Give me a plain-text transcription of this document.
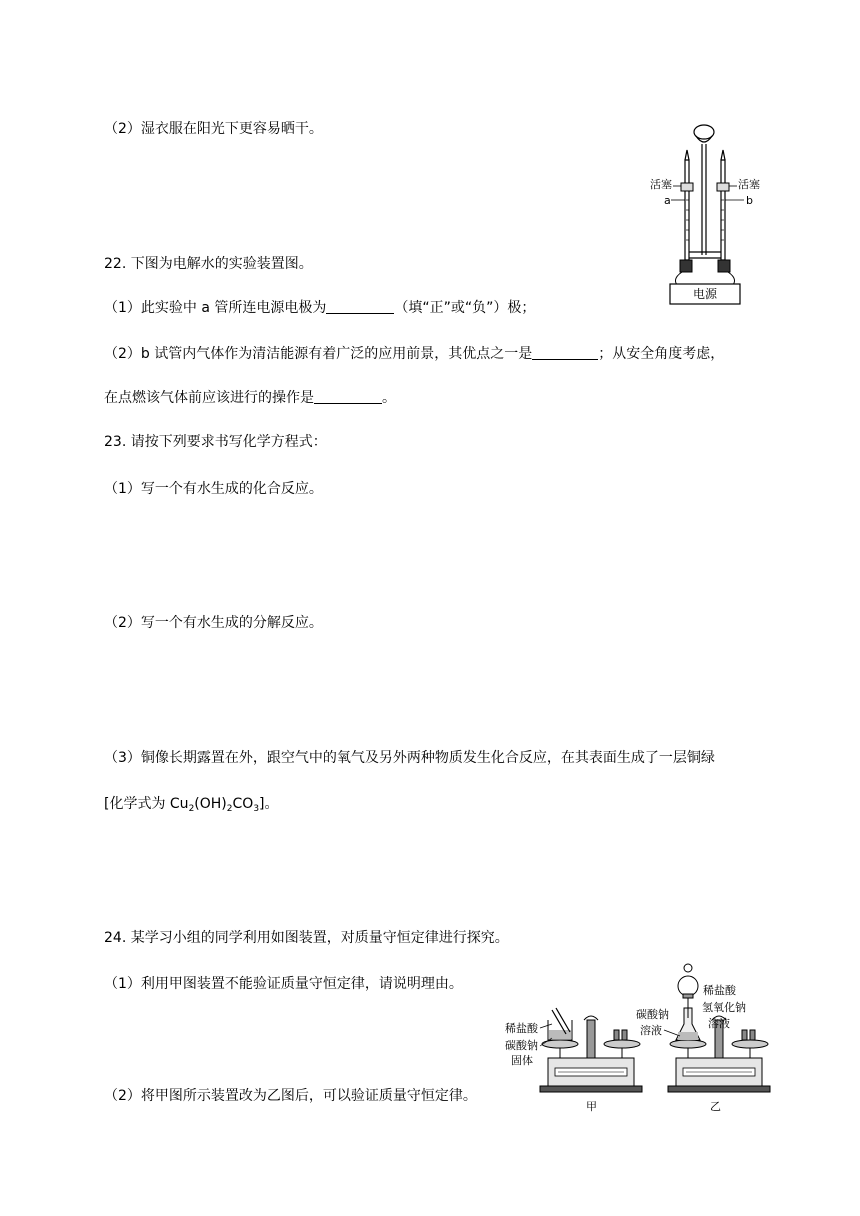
（2）湿衣服在阳光下更容易晒干。
22. 下图为电解水的实验装置图。
（1）此实验中 a 管所连电源电极为	（填“正”或“负”）极；
（2）b 试管内气体作为清洁能源有着广泛的应用前景，其优点之一是	；从安全角度考虑，
在点燃该气体前应该进行的操作是	。
电源
活塞	活塞
a	b
23. 请按下列要求书写化学方程式：
（1）写一个有水生成的化合反应。
（2）写一个有水生成的分解反应。
（3）铜像长期露置在外，跟空气中的氧气及另外两种物质发生化合反应，在其表面生成了一层铜绿
[化学式为 $Cu_2(OH)_2CO_3$]。
24. 某学习小组的同学利用如图装置，对质量守恒定律进行探究。
（1）利用甲图装置不能验证质量守恒定律，请说明理由。
（2）将甲图所示装置改为乙图后，可以验证质量守恒定律。
稀盐酸
碳酸钠
固体
甲
稀盐酸
氢氧化钠
溶液
碳酸钠
溶液
乙
